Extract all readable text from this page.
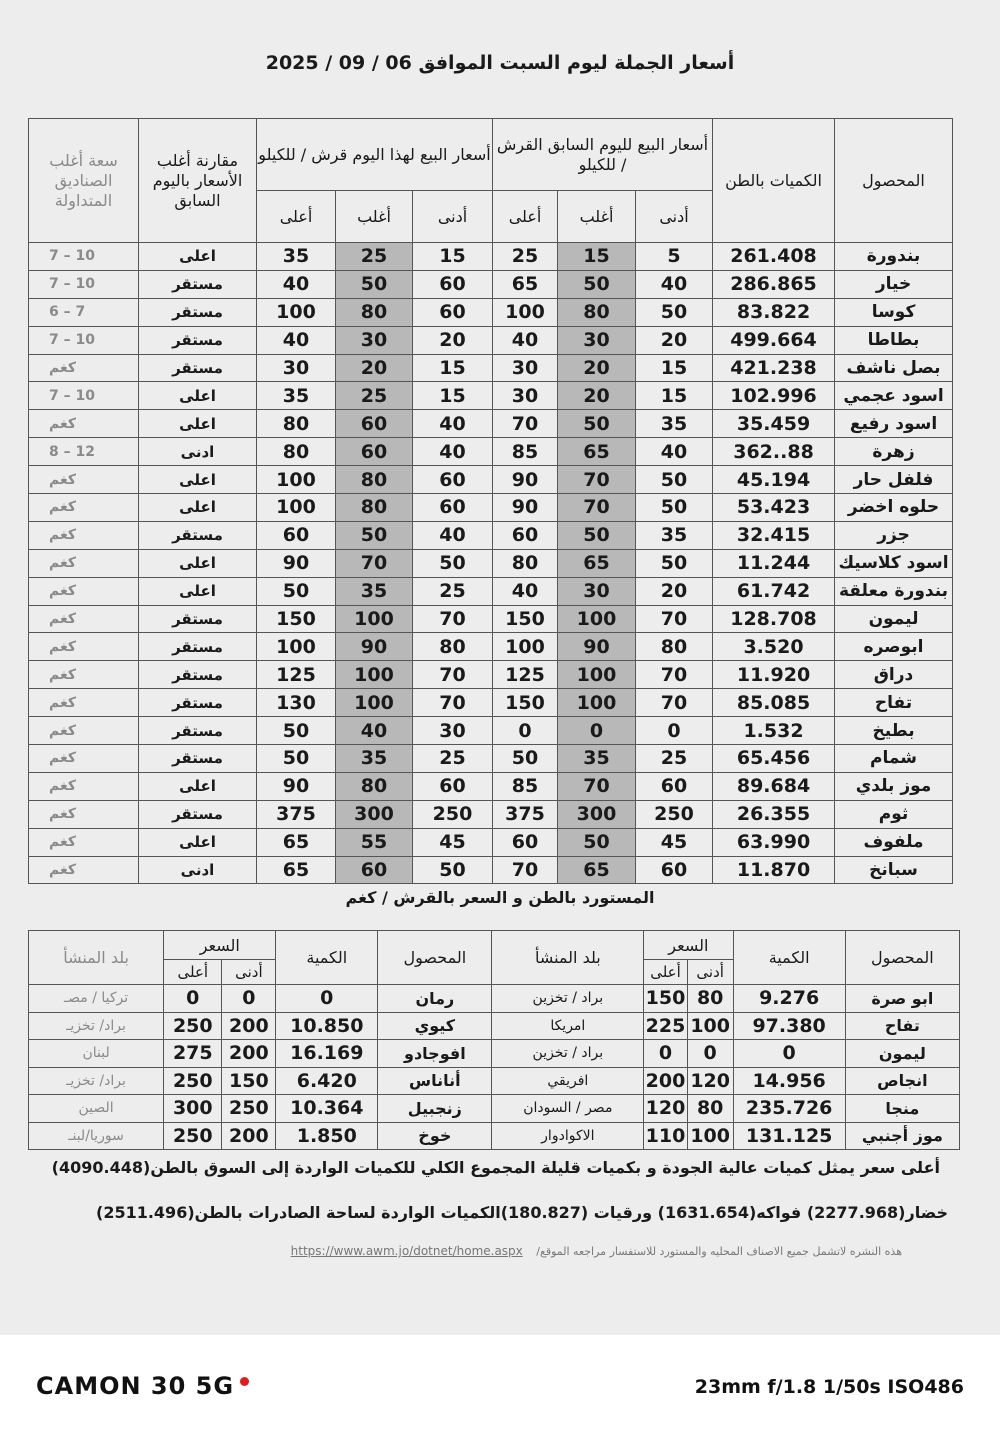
أسعار الجملة ليوم السبت الموافق 06 / 09 / 2025
المحصول	الكميات بالطن	أسعار البيع لليوم السابق القرش / للكيلو			أسعار البيع لهذا اليوم قرش / للكيلو			مقارنة أغلب الأسعار باليوم السابق	سعة أغلب الصناديق المتداولة
		أدنى	أغلب	أعلى	أدنى	أغلب	أعلى		
بندورة	261.408	5	15	25	15	25	35	اعلى	10 – 7
خيار	286.865	40	50	65	60	50	40	مستقر	10 – 7
كوسا	83.822	50	80	100	60	80	100	مستقر	7 – 6
بطاطا	499.664	20	30	40	20	30	40	مستقر	10 – 7
بصل ناشف	421.238	15	20	30	15	20	30	مستقر	كغم
اسود عجمي	102.996	15	20	30	15	25	35	اعلى	10 – 7
اسود رفيع	35.459	35	50	70	40	60	80	اعلى	كغم
زهرة	88..362	40	65	85	40	60	80	ادنى	12 – 8
فلفل حار	45.194	50	70	90	60	80	100	اعلى	كغم
حلوه اخضر	53.423	50	70	90	60	80	100	اعلى	كغم
جزر	32.415	35	50	60	40	50	60	مستقر	كغم
اسود كلاسيك	11.244	50	65	80	50	70	90	اعلى	كغم
بندورة معلقة	61.742	20	30	40	25	35	50	اعلى	كغم
ليمون	128.708	70	100	150	70	100	150	مستقر	كغم
ابوصره	3.520	80	90	100	80	90	100	مستقر	كغم
دراق	11.920	70	100	125	70	100	125	مستقر	كغم
تفاح	85.085	70	100	150	70	100	130	مستقر	كغم
بطيخ	1.532	0	0	0	30	40	50	مستقر	كغم
شمام	65.456	25	35	50	25	35	50	مستقر	كغم
موز بلدي	89.684	60	70	85	60	80	90	اعلى	كغم
ثوم	26.355	250	300	375	250	300	375	مستقر	كغم
ملفوف	63.990	45	50	60	45	55	65	اعلى	كغم
سبانخ	11.870	60	65	70	50	60	65	ادنى	كغم
المستورد بالطن و السعر بالقرش / كغم
المحصول	الكمية	السعر		بلد المنشأ	المحصول	الكمية	السعر		بلد المنشأ
		أدنى	أعلى				أدنى	أعلى	
ابو صرة	9.276	80	150	براد / تخزين	رمان	0	0	0	تركيا / مصـ
تفاح	97.380	100	225	امريكا	كيوي	10.850	200	250	براد/ تخزيـ
ليمون	0	0	0	براد / تخزين	افوجادو	16.169	200	275	لبنان
انجاص	14.956	120	200	افريقي	أناناس	6.420	150	250	براد/ تخزيـ
منجا	235.726	80	120	مصر / السودان	زنجبيل	10.364	250	300	الصين
موز أجنبي	131.125	100	110	الاكوادوار	خوخ	1.850	200	250	سوريا/لبنـ
أعلى سعر يمثل كميات عالية الجودة و بكميات قليلة المجموع الكلي للكميات الواردة إلى السوق بالطن(4090.448)
خضار(2277.968) فواكه(1631.654) ورقيات (180.827)الكميات الواردة لساحة الصادرات بالطن(2511.496)
هذه النشره لاتشمل جميع الاصناف المحليه والمستورد للاستفسار مراجعه الموقع/ https://www.awm.jo/dotnet/home.aspx
CAMON 30 5G	23mm f/1.8 1/50s ISO486
